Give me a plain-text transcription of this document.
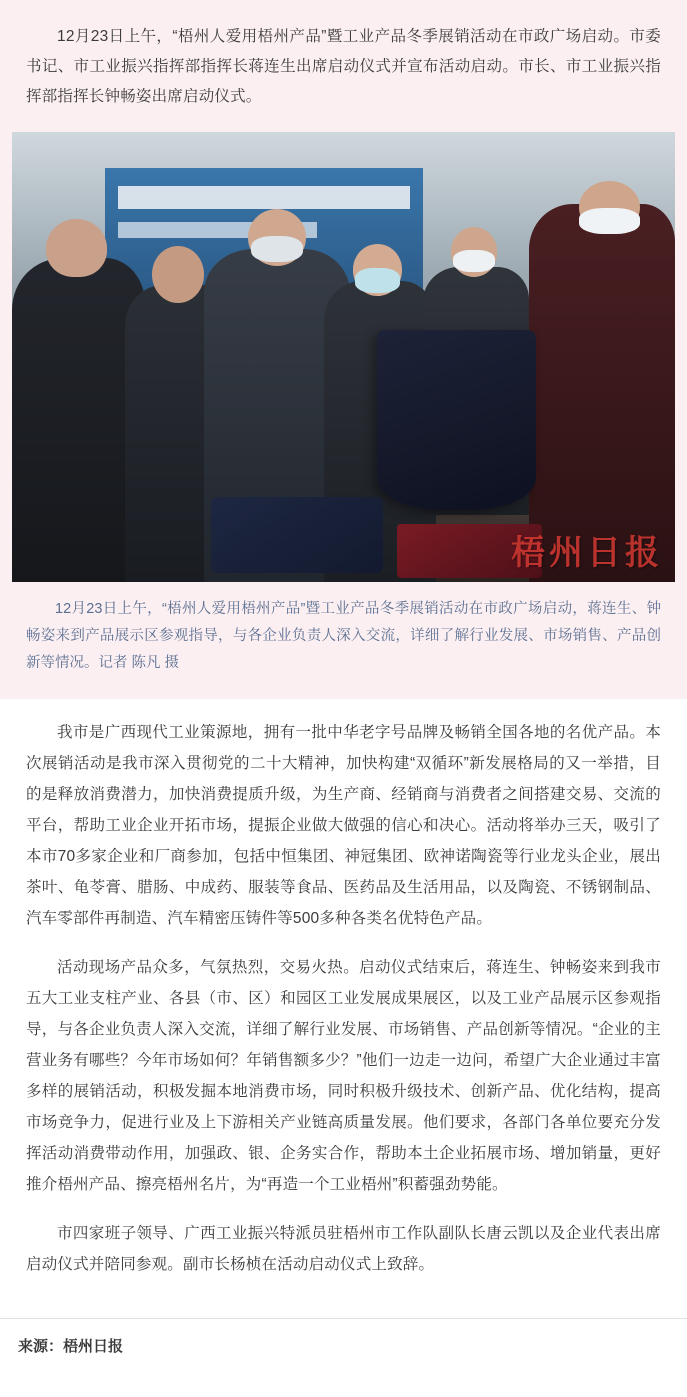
12月23日上午，“梧州人爱用梧州产品”暨工业产品冬季展销活动在市政广场启动。市委书记、市工业振兴指挥部指挥长蒋连生出席启动仪式并宣布活动启动。市长、市工业振兴指挥部指挥长钟畅姿出席启动仪式。

梧州日报

12月23日上午，“梧州人爱用梧州产品”暨工业产品冬季展销活动在市政广场启动，蒋连生、钟畅姿来到产品展示区参观指导，与各企业负责人深入交流，详细了解行业发展、市场销售、产品创新等情况。记者 陈凡 摄

我市是广西现代工业策源地，拥有一批中华老字号品牌及畅销全国各地的名优产品。本次展销活动是我市深入贯彻党的二十大精神，加快构建“双循环”新发展格局的又一举措，目的是释放消费潜力，加快消费提质升级，为生产商、经销商与消费者之间搭建交易、交流的平台，帮助工业企业开拓市场，提振企业做大做强的信心和决心。活动将举办三天，吸引了本市70多家企业和厂商参加，包括中恒集团、神冠集团、欧神诺陶瓷等行业龙头企业，展出茶叶、龟苓膏、腊肠、中成药、服装等食品、医药品及生活用品，以及陶瓷、不锈钢制品、汽车零部件再制造、汽车精密压铸件等500多种各类名优特色产品。

活动现场产品众多，气氛热烈，交易火热。启动仪式结束后，蒋连生、钟畅姿来到我市五大工业支柱产业、各县（市、区）和园区工业发展成果展区，以及工业产品展示区参观指导，与各企业负责人深入交流，详细了解行业发展、市场销售、产品创新等情况。“企业的主营业务有哪些？今年市场如何？年销售额多少？”他们一边走一边问，希望广大企业通过丰富多样的展销活动，积极发掘本地消费市场，同时积极升级技术、创新产品、优化结构，提高市场竞争力，促进行业及上下游相关产业链高质量发展。他们要求，各部门各单位要充分发挥活动消费带动作用，加强政、银、企务实合作，帮助本土企业拓展市场、增加销量，更好推介梧州产品、擦亮梧州名片，为“再造一个工业梧州”积蓄强劲势能。

市四家班子领导、广西工业振兴特派员驻梧州市工作队副队长唐云凯以及企业代表出席启动仪式并陪同参观。副市长杨桢在活动启动仪式上致辞。

来源：梧州日报
